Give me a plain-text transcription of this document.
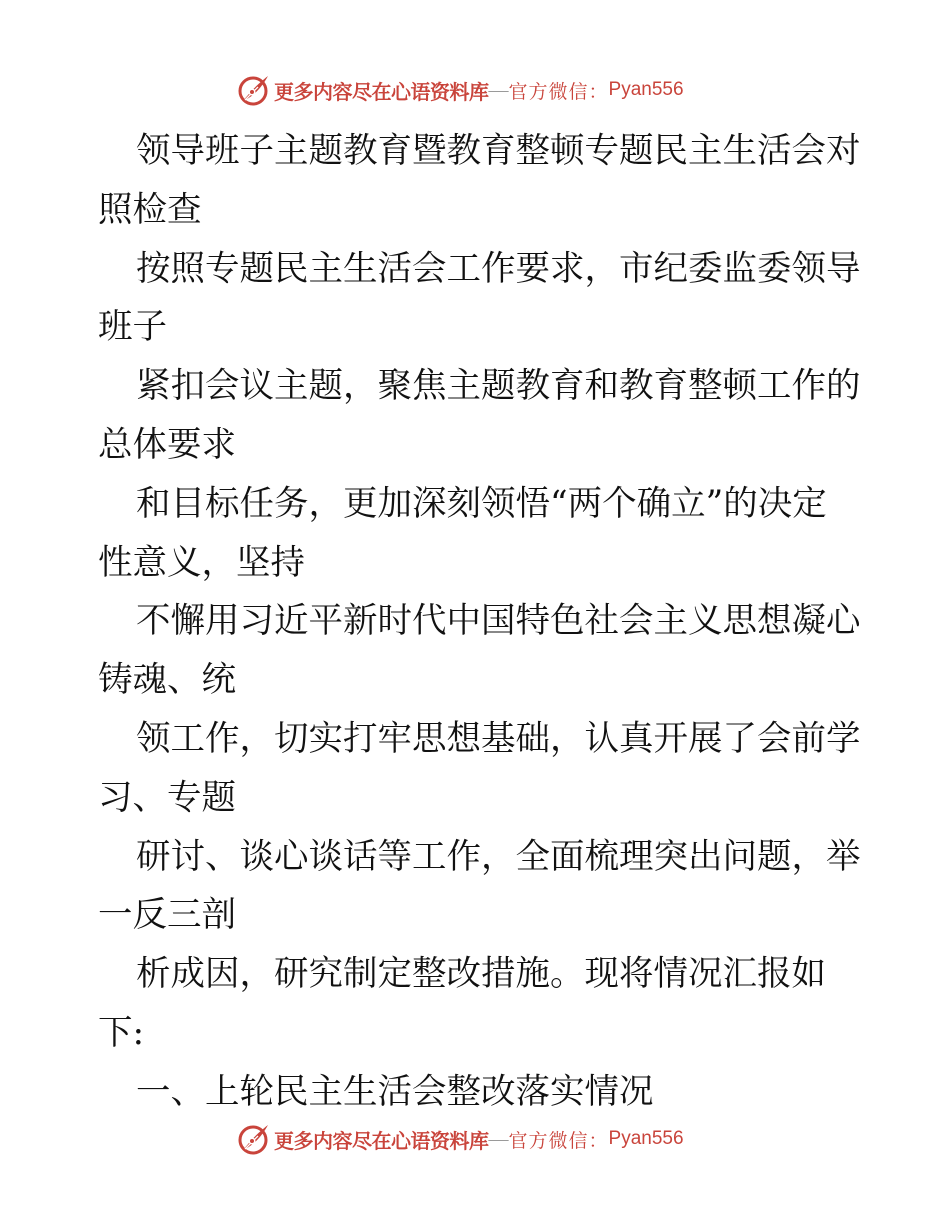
更多内容尽在心语资料库 — 官方微信： Pyan556
领导班子主题教育暨教育整顿专题民主生活会对
照检查
按照专题民主生活会工作要求，市纪委监委领导
班子
紧扣会议主题，聚焦主题教育和教育整顿工作的
总体要求
和目标任务，更加深刻领悟“两个确立”的决定
性意义，坚持
不懈用习近平新时代中国特色社会主义思想凝心
铸魂、统
领工作，切实打牢思想基础，认真开展了会前学
习、专题
研讨、谈心谈话等工作，全面梳理突出问题，举
一反三剖
析成因，研究制定整改措施。现将情况汇报如
下:
一、上轮民主生活会整改落实情况
更多内容尽在心语资料库 — 官方微信： Pyan556
